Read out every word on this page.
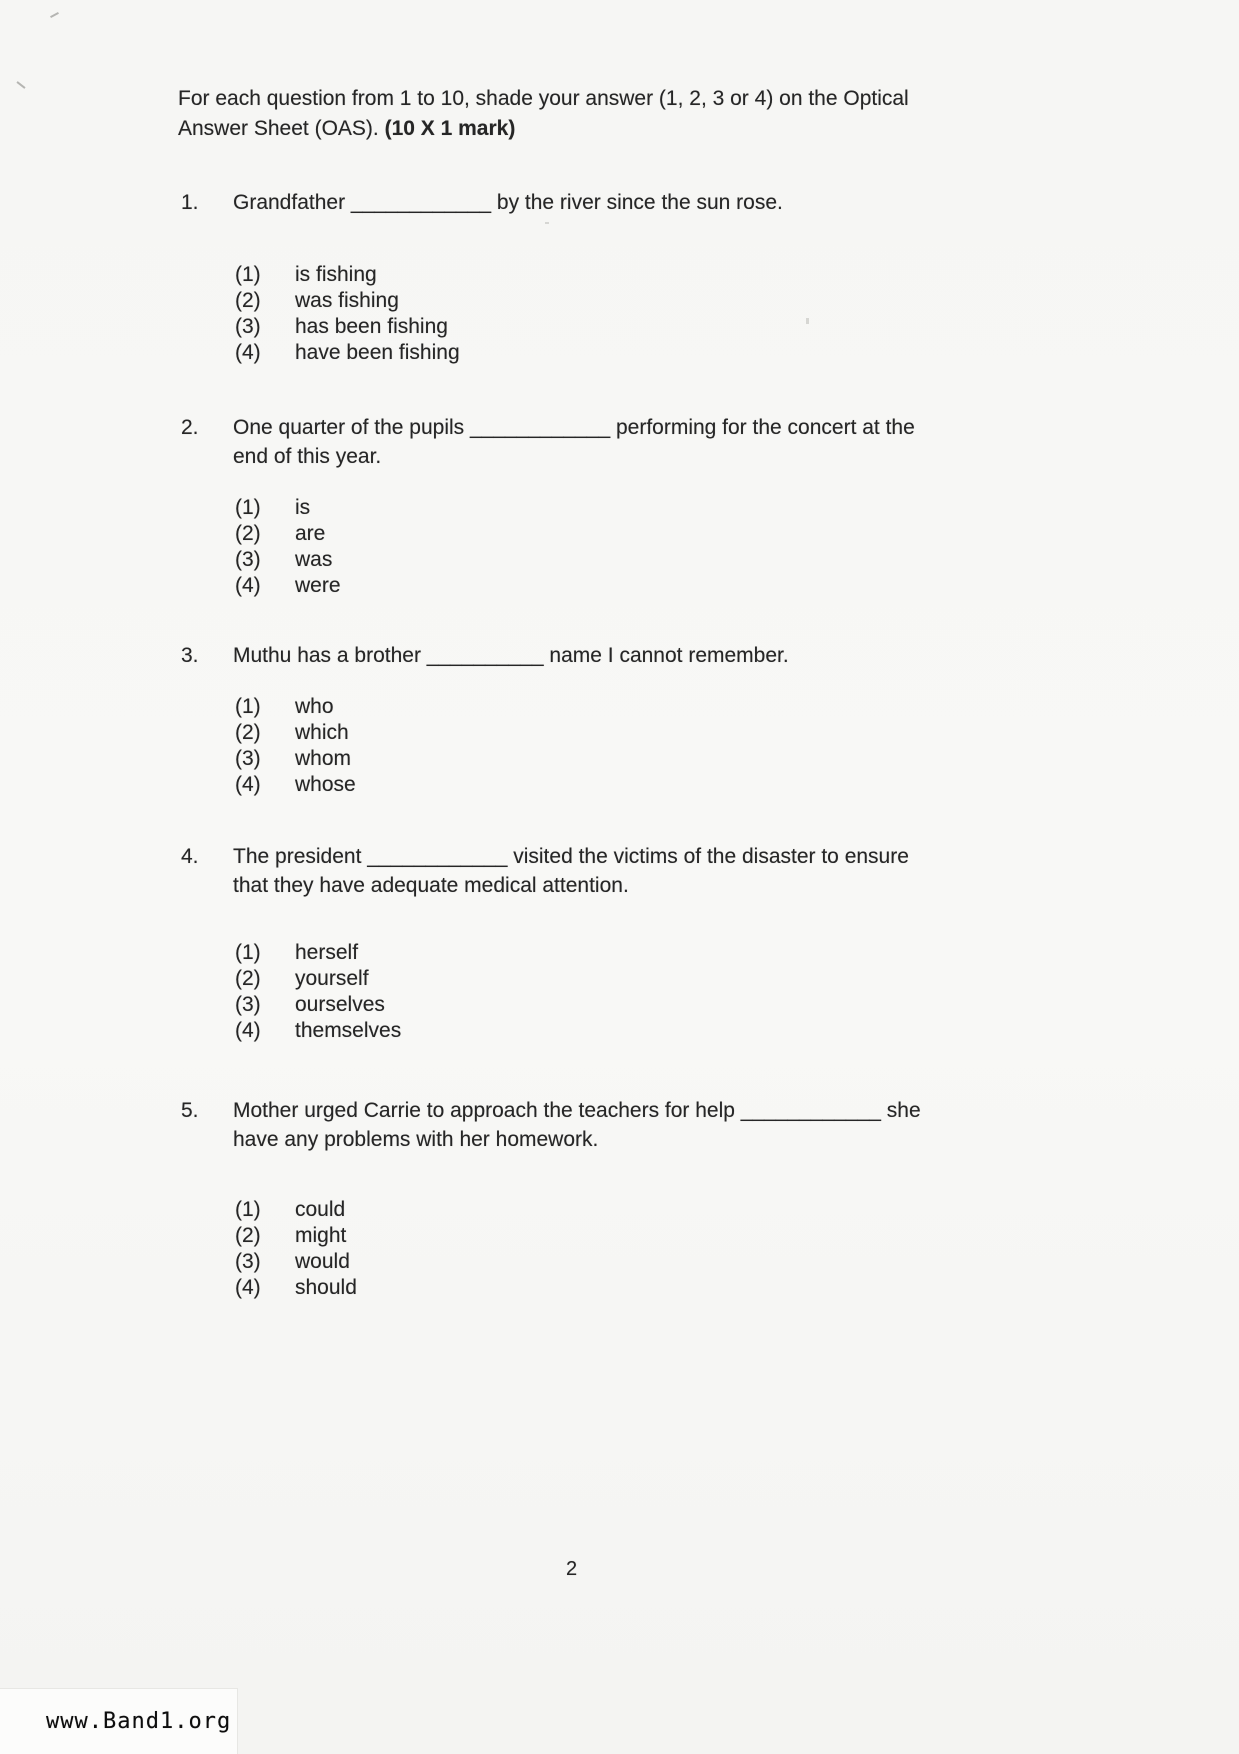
For each question from 1 to 10, shade your answer (1, 2, 3 or 4) on the Optical Answer Sheet (OAS). (10 X 1 mark)

1.	Grandfather ____________ by the river since the sun rose.
(1)	is fishing
(2)	was fishing
(3)	has been fishing
(4)	have been fishing
2.	One quarter of the pupils ____________ performing for the concert at the end of this year.
(1)	is
(2)	are
(3)	was
(4)	were
3.	Muthu has a brother __________ name I cannot remember.
(1)	who
(2)	which
(3)	whom
(4)	whose
4.	The president ____________ visited the victims of the disaster to ensure that they have adequate medical attention.
(1)	herself
(2)	yourself
(3)	ourselves
(4)	themselves
5.	Mother urged Carrie to approach the teachers for help ____________ she have any problems with her homework.
(1)	could
(2)	might
(3)	would
(4)	should
2
www.Band1.org
